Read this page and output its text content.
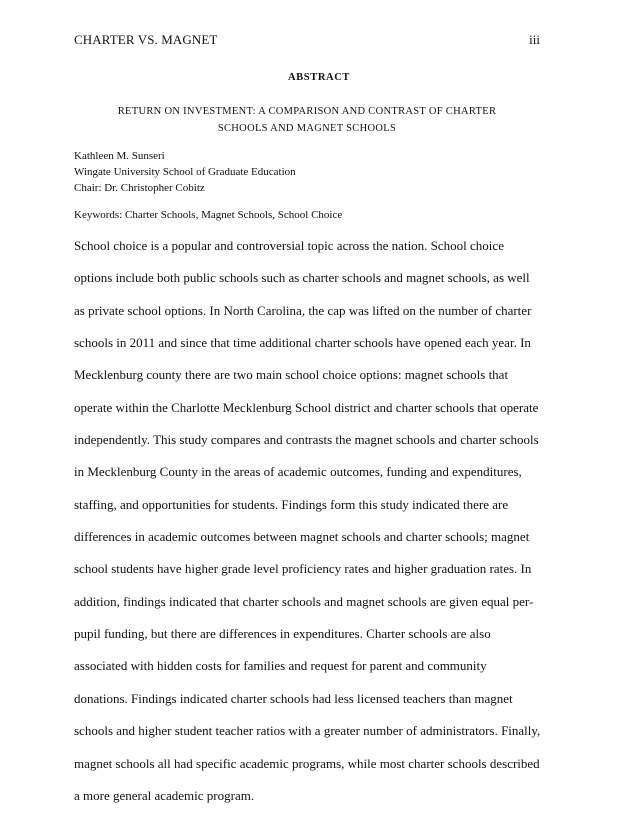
CHARTER VS. MAGNET	iii
ABSTRACT
RETURN ON INVESTMENT: A COMPARISON AND CONTRAST OF CHARTER
SCHOOLS AND MAGNET SCHOOLS
Kathleen M. Sunseri
Wingate University School of Graduate Education
Chair: Dr. Christopher Cobitz
Keywords: Charter Schools, Magnet Schools, School Choice
School choice is a popular and controversial topic across the nation. School choice
options include both public schools such as charter schools and magnet schools, as well
as private school options. In North Carolina, the cap was lifted on the number of charter
schools in 2011 and since that time additional charter schools have opened each year. In
Mecklenburg county there are two main school choice options: magnet schools that
operate within the Charlotte Mecklenburg School district and charter schools that operate
independently. This study compares and contrasts the magnet schools and charter schools
in Mecklenburg County in the areas of academic outcomes, funding and expenditures,
staffing, and opportunities for students. Findings form this study indicated there are
differences in academic outcomes between magnet schools and charter schools; magnet
school students have higher grade level proficiency rates and higher graduation rates. In
addition, findings indicated that charter schools and magnet schools are given equal per-
pupil funding, but there are differences in expenditures. Charter schools are also
associated with hidden costs for families and request for parent and community
donations. Findings indicated charter schools had less licensed teachers than magnet
schools and higher student teacher ratios with a greater number of administrators. Finally,
magnet schools all had specific academic programs, while most charter schools described
a more general academic program.
